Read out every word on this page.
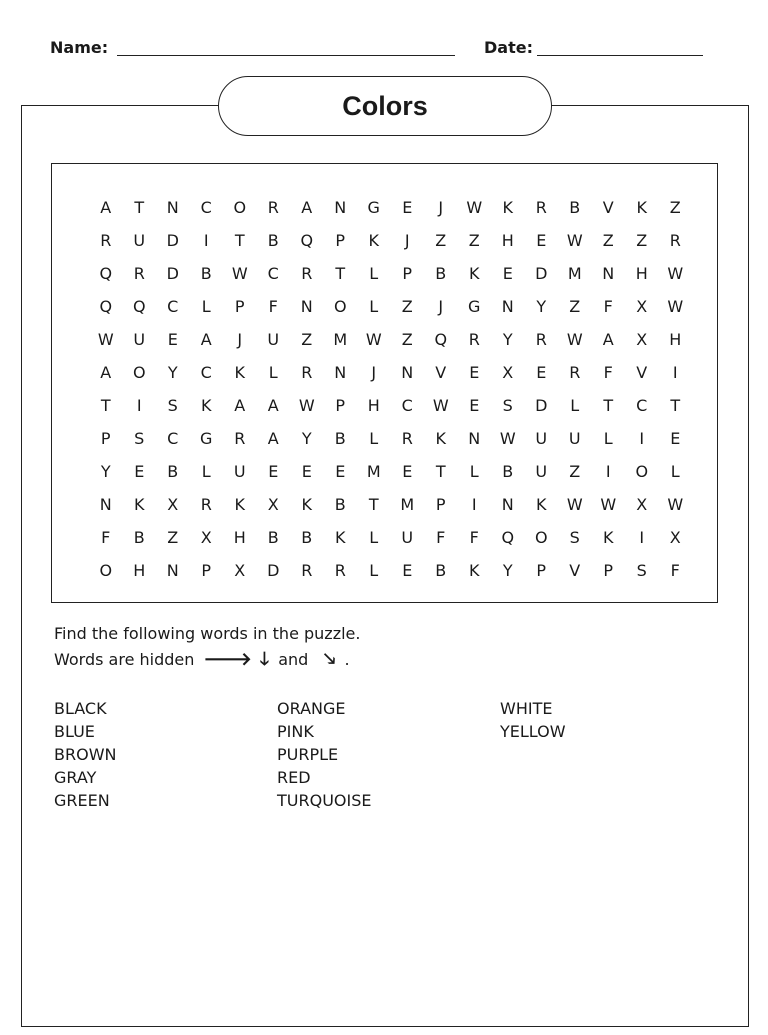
Name:	Date:
Colors
A	T	N	C	O	R	A	N	G	E	J	W	K	R	B	V	K	Z
R	U	D	I	T	B	Q	P	K	J	Z	Z	H	E	W	Z	Z	R
Q	R	D	B	W	C	R	T	L	P	B	K	E	D	M	N	H	W
Q	Q	C	L	P	F	N	O	L	Z	J	G	N	Y	Z	F	X	W
W	U	E	A	J	U	Z	M	W	Z	Q	R	Y	R	W	A	X	H
A	O	Y	C	K	L	R	N	J	N	V	E	X	E	R	F	V	I
T	I	S	K	A	A	W	P	H	C	W	E	S	D	L	T	C	T
P	S	C	G	R	A	Y	B	L	R	K	N	W	U	U	L	I	E
Y	E	B	L	U	E	E	E	M	E	T	L	B	U	Z	I	O	L
N	K	X	R	K	X	K	B	T	M	P	I	N	K	W	W	X	W
F	B	Z	X	H	B	B	K	L	U	F	F	Q	O	S	K	I	X
O	H	N	P	X	D	R	R	L	E	B	K	Y	P	V	P	S	F
Find the following words in the puzzle.
Words are hidden 🡒 🡓 and 🡖 .
BLACK
BLUE
BROWN
GRAY
GREEN
ORANGE
PINK
PURPLE
RED
TURQUOISE
WHITE
YELLOW
